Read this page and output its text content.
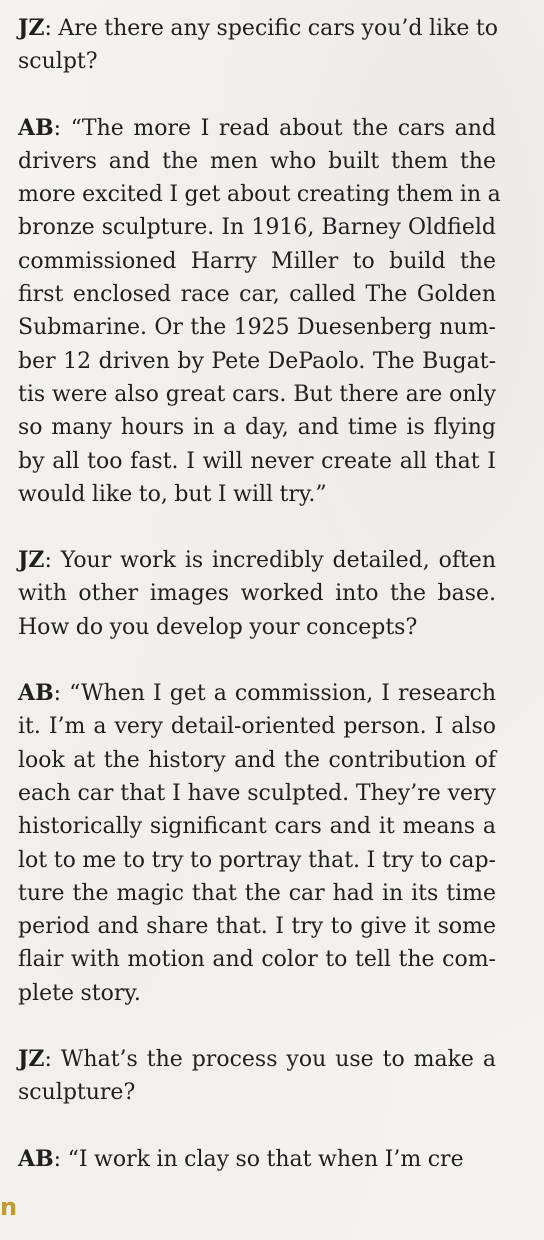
JZ: Are there any specific cars you’d like to
sculpt?

AB: “The more I read about the cars and
drivers and the men who built them the
more excited I get about creating them in a
bronze sculpture. In 1916, Barney Oldfield
commissioned Harry Miller to build the
first enclosed race car, called The Golden
Submarine. Or the 1925 Duesenberg num-
ber 12 driven by Pete DePaolo. The Bugat-
tis were also great cars. But there are only
so many hours in a day, and time is flying
by all too fast. I will never create all that I
would like to, but I will try.”

JZ: Your work is incredibly detailed, often
with other images worked into the base.
How do you develop your concepts?

AB: “When I get a commission, I research
it. I’m a very detail-oriented person. I also
look at the history and the contribution of
each car that I have sculpted. They’re very
historically significant cars and it means a
lot to me to try to portray that. I try to cap-
ture the magic that the car had in its time
period and share that. I try to give it some
flair with motion and color to tell the com-
plete story.

JZ: What’s the process you use to make a
sculpture?

AB: “I work in clay so that when I’m cre

n
